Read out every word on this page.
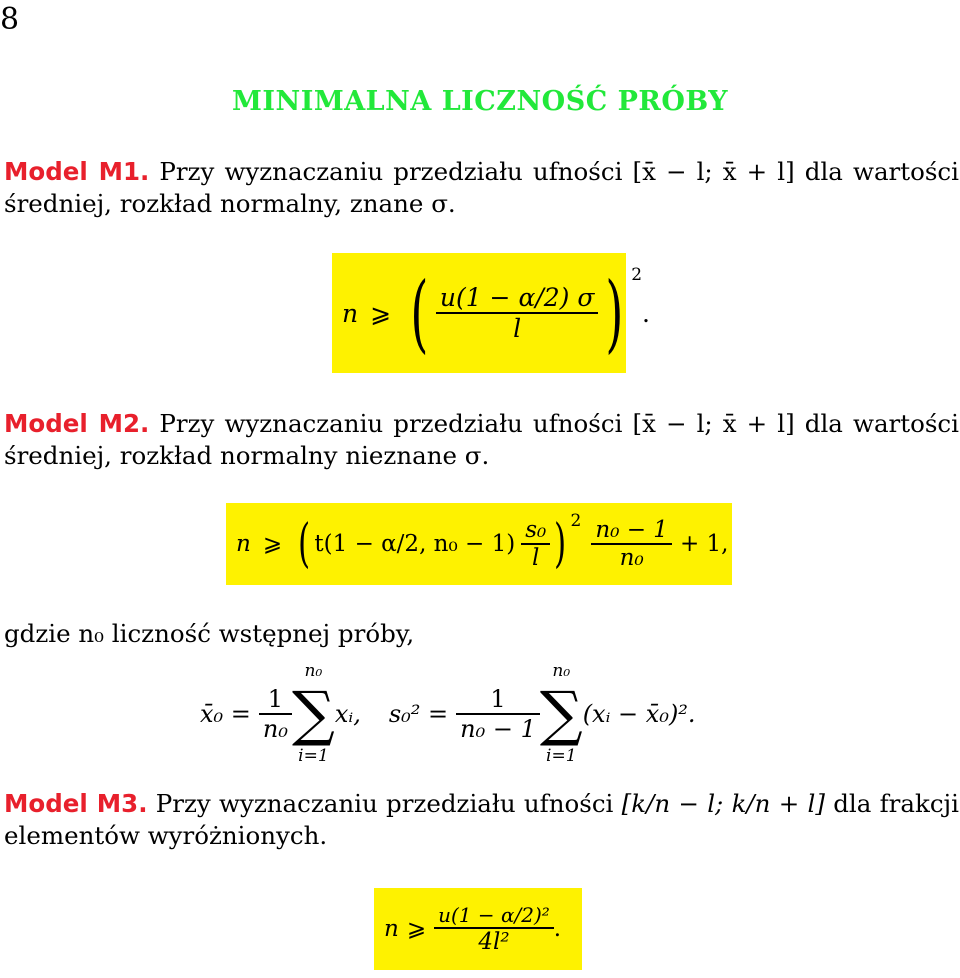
8
MINIMALNA LICZNOŚĆ PRÓBY
Model M1. Przy wyznaczaniu przedziału ufności [x̄ − l; x̄ + l] dla wartości średniej, rozkład normalny, znane σ.
n ⩾ ( $\frac{u(1 - \alpha/2) \sigma}{l}$ ) 2
.
Model M2. Przy wyznaczaniu przedziału ufności [x̄ − l; x̄ + l] dla wartości średniej, rozkład normalny nieznane σ.
n ⩾ ( t(1 − α/2, $n_0 - 1) \frac{\text{s₀}}{l}$ ) $2 \frac{\text{n₀ − 1}}{\text{n₀}} + 1$,
gdzie n₀ liczność wstępnej próby,
x̄₀ = $\frac{1}{\text{n₀}}$
n₀
∑
i=1
xᵢ, $s_0^2 = \frac{1}{\text{n₀ − 1}}$
n₀
∑
i=1
(xᵢ − x̄₀)².
Model M3. Przy wyznaczaniu przedziału ufności [k/n − l; k/n + l] dla frakcji elementów wyróżnionych.
n ⩾ $\frac{\text{u(1 − α/2)²}}{\text{4l²}}$ .
